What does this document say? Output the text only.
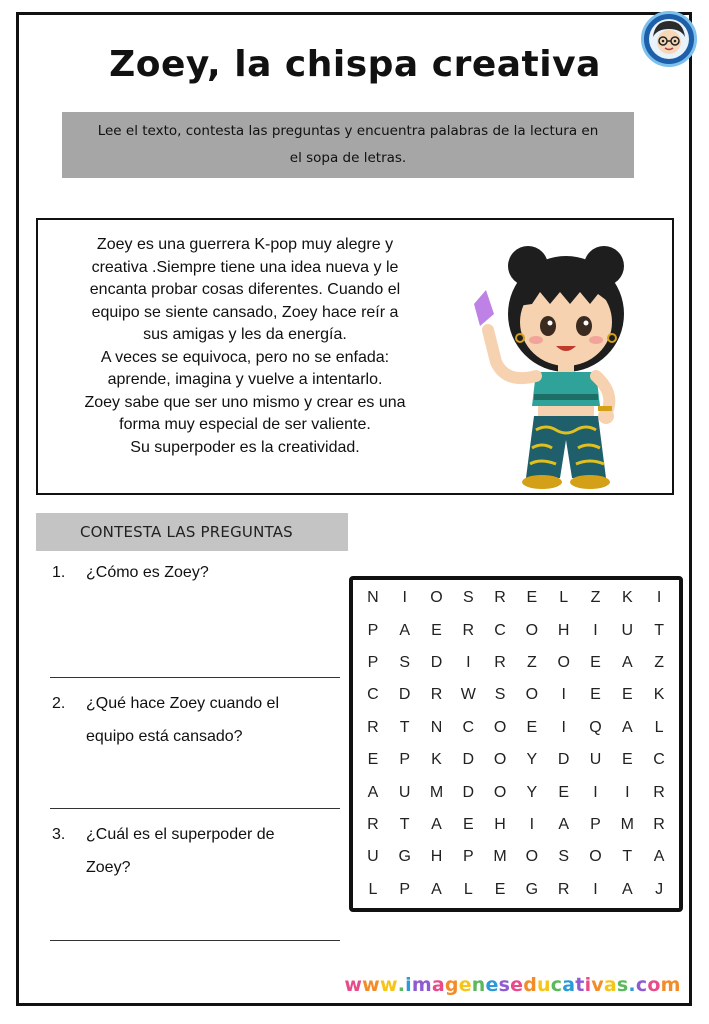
Zoey, la chispa creativa
Lee el texto, contesta las preguntas y encuentra palabras de la lectura en el sopa de letras.
Zoey es una guerrera K-pop muy alegre y
creativa .Siempre tiene una idea nueva y le
encanta probar cosas diferentes. Cuando el
equipo se siente cansado, Zoey hace reír a
sus amigas y les da energía.
A veces se equivoca, pero no se enfada:
aprende, imagina y vuelve a intentarlo.
Zoey sabe que ser uno mismo y crear es una
forma muy especial de ser valiente.
Su superpoder es la creatividad.
CONTESTA LAS PREGUNTAS
1.	¿Cómo es Zoey?
2.	¿Qué hace Zoey cuando el
equipo está cansado?
3.	¿Cuál es el superpoder de
Zoey?
N	I	O	S	R	E	L	Z	K	I
P	A	E	R	C	O	H	I	U	T
P	S	D	I	R	Z	O	E	A	Z
C	D	R	W	S	O	I	E	E	K
R	T	N	C	O	E	I	Q	A	L
E	P	K	D	O	Y	D	U	E	C
A	U	M	D	O	Y	E	I	I	R
R	T	A	E	H	I	A	P	M	R
U	G	H	P	M	O	S	O	T	A
L	P	A	L	E	G	R	I	A	J
www.imageneseducativas.com
